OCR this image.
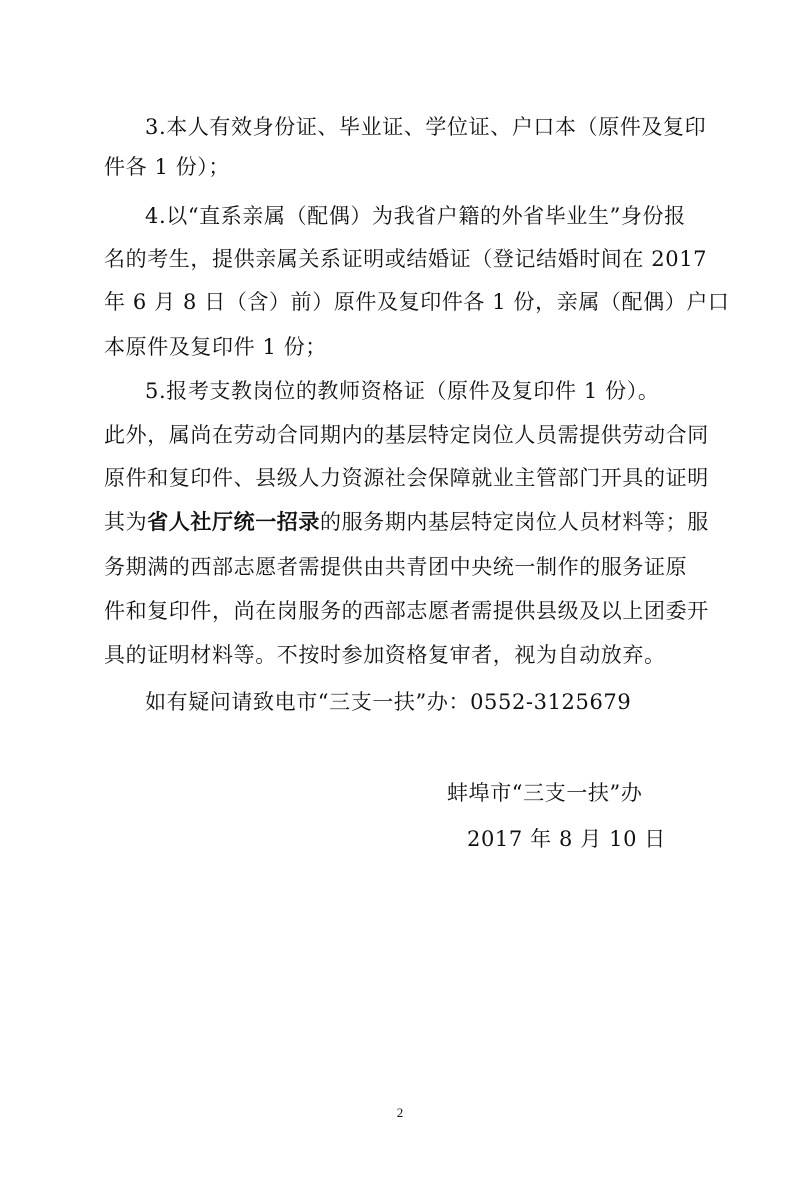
3.本人有效身份证、毕业证、学位证、户口本（原件及复印
件各 1 份）；
4.以“直系亲属（配偶）为我省户籍的外省毕业生”身份报
名的考生，提供亲属关系证明或结婚证（登记结婚时间在 2017
年 6 月 8 日（含）前）原件及复印件各 1 份，亲属（配偶）户口
本原件及复印件 1 份；
5.报考支教岗位的教师资格证（原件及复印件 1 份）。
此外，属尚在劳动合同期内的基层特定岗位人员需提供劳动合同
原件和复印件、县级人力资源社会保障就业主管部门开具的证明
其为省人社厅统一招录的服务期内基层特定岗位人员材料等；服
务期满的西部志愿者需提供由共青团中央统一制作的服务证原
件和复印件，尚在岗服务的西部志愿者需提供县级及以上团委开
具的证明材料等。不按时参加资格复审者，视为自动放弃。
如有疑问请致电市“三支一扶”办：0552-3125679
蚌埠市“三支一扶”办
2017 年 8 月 10 日
2
